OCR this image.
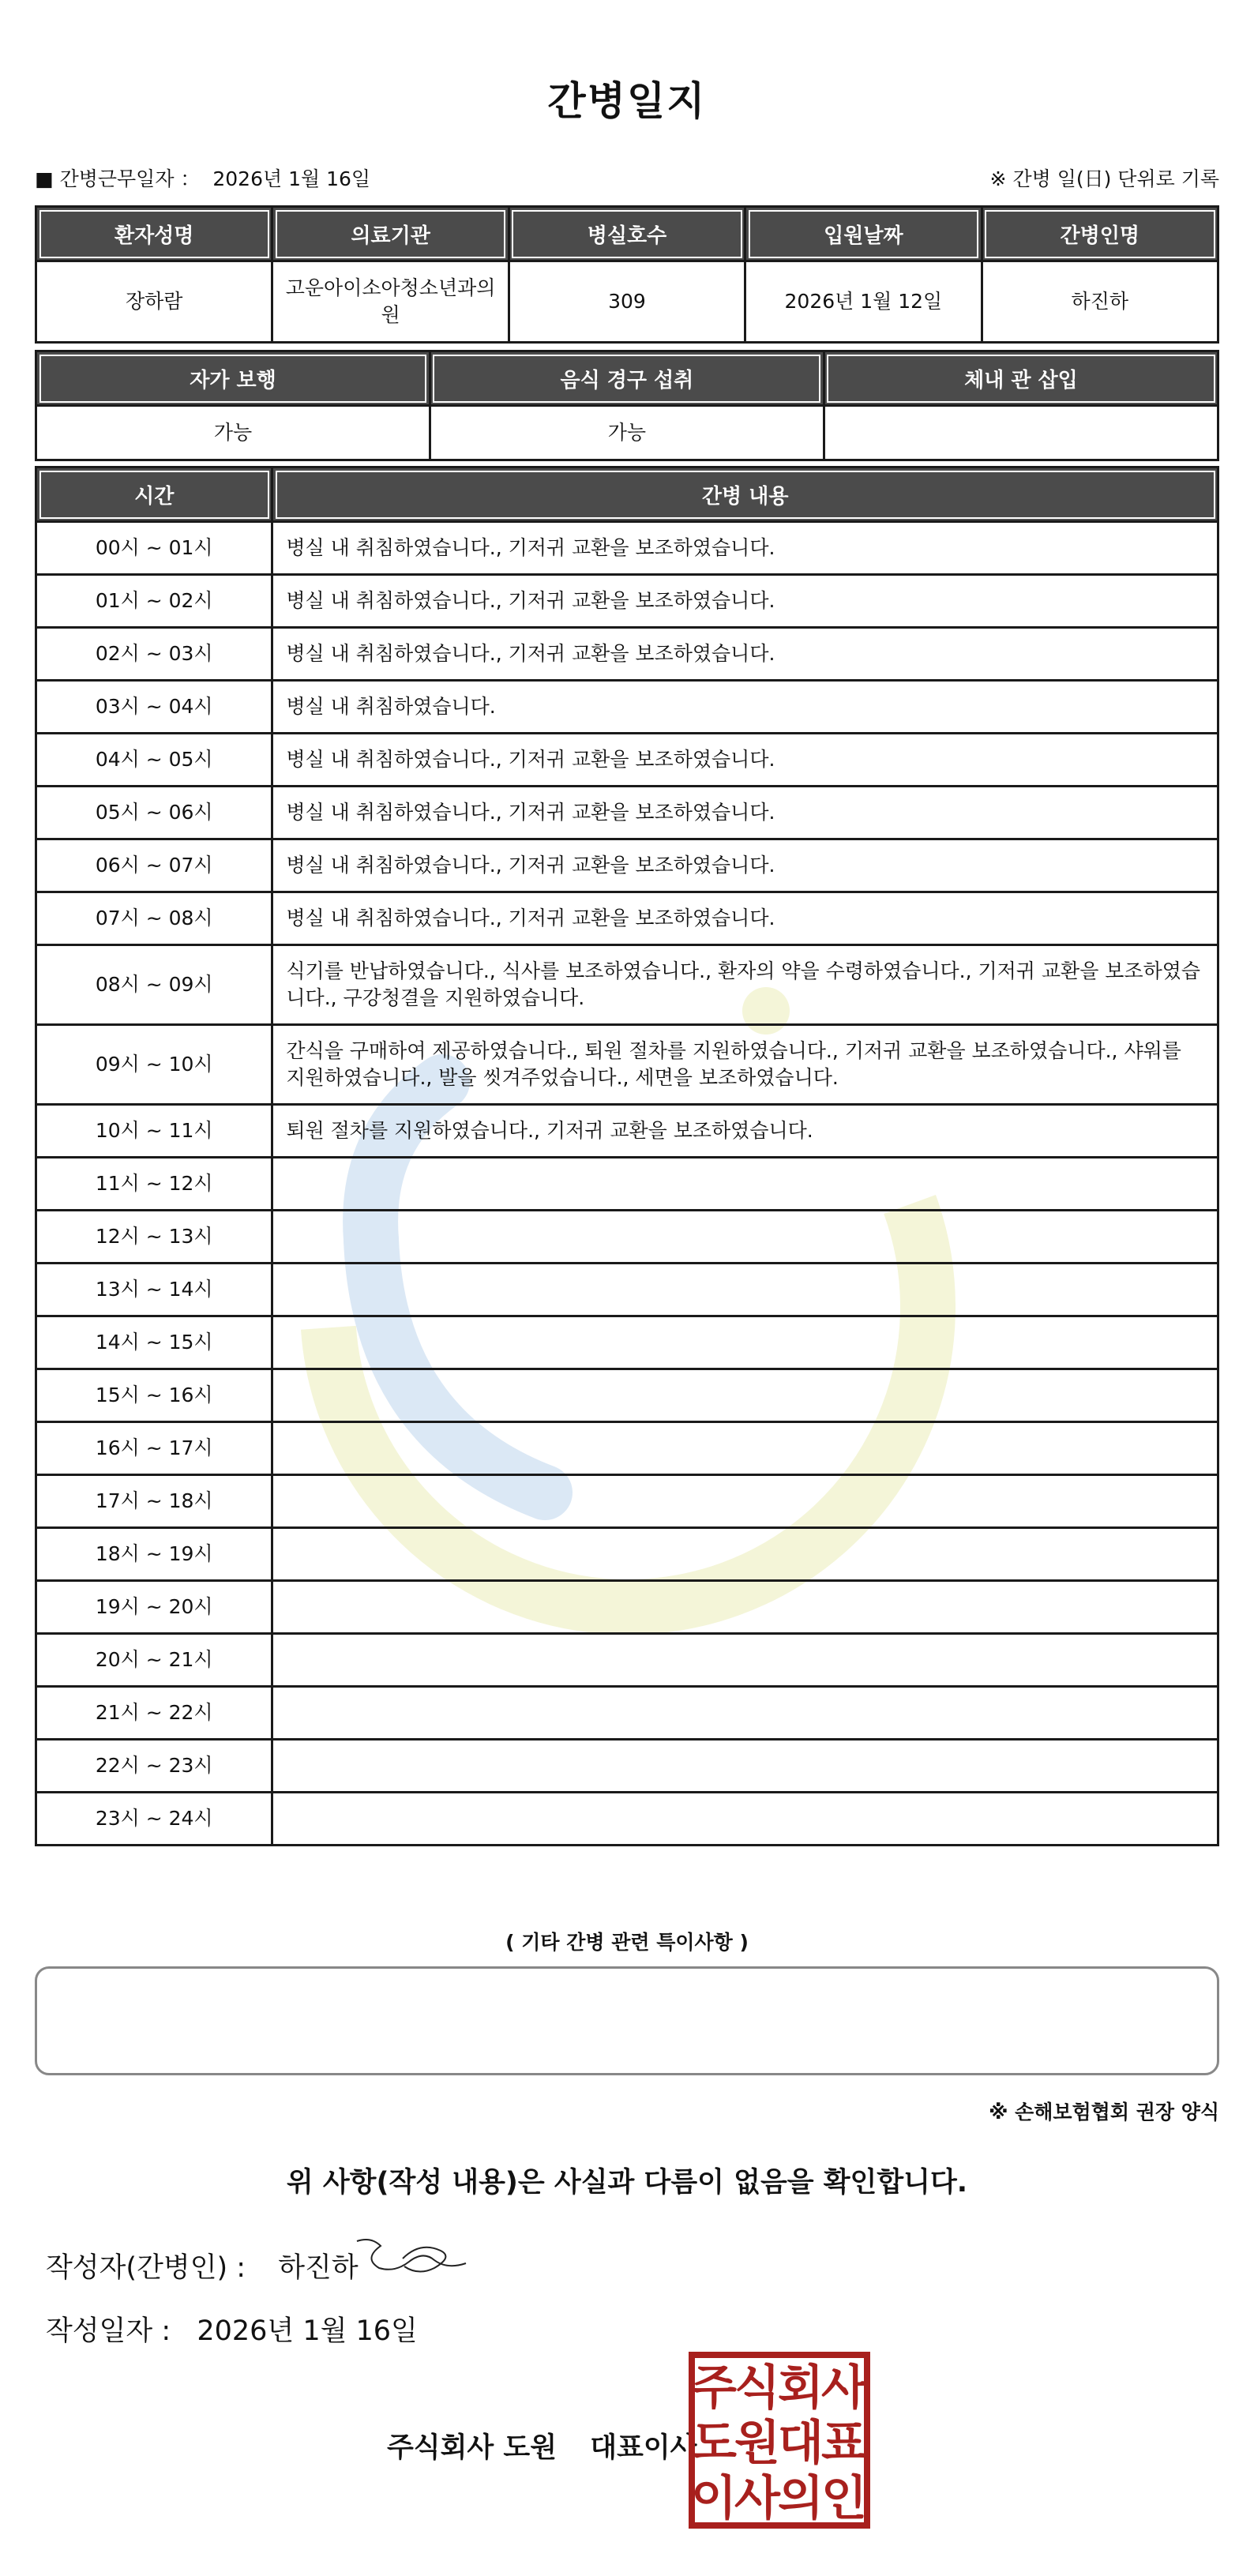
간병일지
■ 간병근무일자 ： 2026년 1월 16일	※ 간병 일(日) 단위로 기록
환자성명	의료기관	병실호수	입원날짜	간병인명
장하람	고운아이소아청소년과의원	309	2026년 1월 12일	하진하
자가 보행	음식 경구 섭취	체내 관 삽입
가능	가능	
시간	간병 내용
00시 ~ 01시	병실 내 취침하였습니다., 기저귀 교환을 보조하였습니다.
01시 ~ 02시	병실 내 취침하였습니다., 기저귀 교환을 보조하였습니다.
02시 ~ 03시	병실 내 취침하였습니다., 기저귀 교환을 보조하였습니다.
03시 ~ 04시	병실 내 취침하였습니다.
04시 ~ 05시	병실 내 취침하였습니다., 기저귀 교환을 보조하였습니다.
05시 ~ 06시	병실 내 취침하였습니다., 기저귀 교환을 보조하였습니다.
06시 ~ 07시	병실 내 취침하였습니다., 기저귀 교환을 보조하였습니다.
07시 ~ 08시	병실 내 취침하였습니다., 기저귀 교환을 보조하였습니다.
08시 ~ 09시	식기를 반납하였습니다., 식사를 보조하였습니다., 환자의 약을 수령하였습니다., 기저귀 교환을 보조하였습니다., 구강청결을 지원하였습니다.
09시 ~ 10시	간식을 구매하여 제공하였습니다., 퇴원 절차를 지원하였습니다., 기저귀 교환을 보조하였습니다., 샤워를 지원하였습니다., 발을 씻겨주었습니다., 세면을 보조하였습니다.
10시 ~ 11시	퇴원 절차를 지원하였습니다., 기저귀 교환을 보조하였습니다.
11시 ~ 12시	
12시 ~ 13시	
13시 ~ 14시	
14시 ~ 15시	
15시 ~ 16시	
16시 ~ 17시	
17시 ~ 18시	
18시 ~ 19시	
19시 ~ 20시	
20시 ~ 21시	
21시 ~ 22시	
22시 ~ 23시	
23시 ~ 24시	
( 기타 간병 관련 특이사항 )
※ 손해보험협회 권장 양식
위 사항(작성 내용)은 사실과 다름이 없음을 확인합니다.
작성자(간병인) : 하진하
작성일자 : 2026년 1월 16일
주식회사 도원 대표이사
주
식
회
사
도
원
대
표
이
사
의
인
